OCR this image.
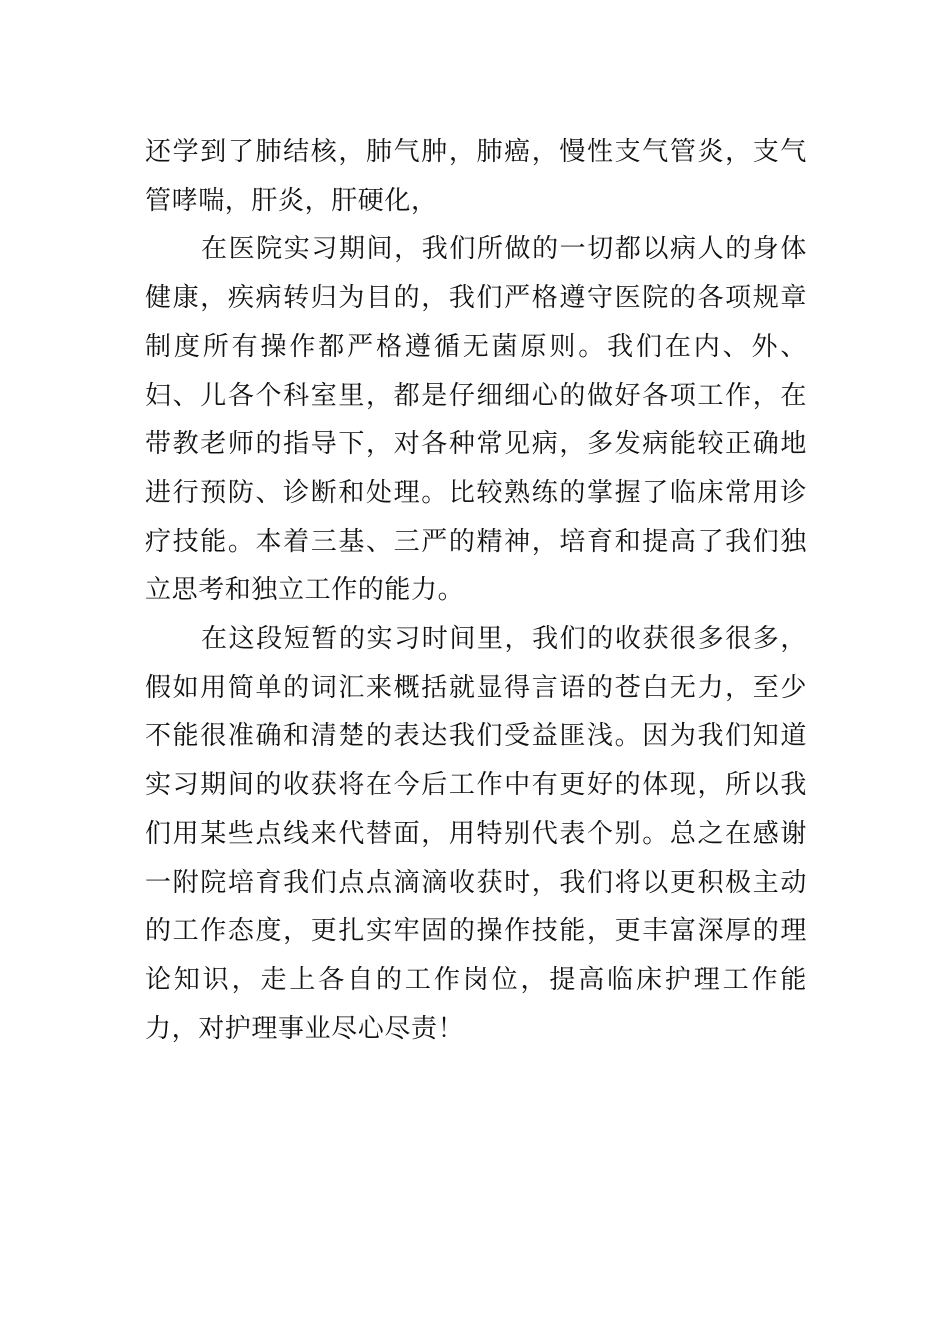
还学到了肺结核，肺气肿，肺癌，慢性支气管炎，支气管哮喘，肝炎，肝硬化，

在医院实习期间，我们所做的一切都以病人的身体健康，疾病转归为目的，我们严格遵守医院的各项规章制度所有操作都严格遵循无菌原则。我们在内、外、妇、儿各个科室里，都是仔细细心的做好各项工作，在带教老师的指导下，对各种常见病，多发病能较正确地进行预防、诊断和处理。比较熟练的掌握了临床常用诊疗技能。本着三基、三严的精神，培育和提高了我们独立思考和独立工作的能力。

在这段短暂的实习时间里，我们的收获很多很多，假如用简单的词汇来概括就显得言语的苍白无力，至少不能很准确和清楚的表达我们受益匪浅。因为我们知道实习期间的收获将在今后工作中有更好的体现，所以我们用某些点线来代替面，用特别代表个别。总之在感谢一附院培育我们点点滴滴收获时，我们将以更积极主动的工作态度，更扎实牢固的操作技能，更丰富深厚的理论知识，走上各自的工作岗位，提高临床护理工作能力，对护理事业尽心尽责！
